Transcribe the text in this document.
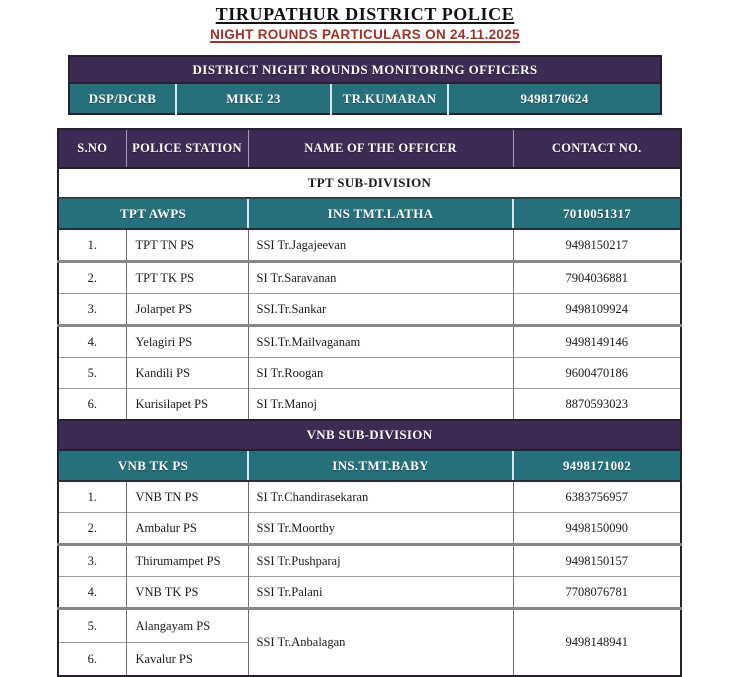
TIRUPATHUR DISTRICT POLICE
NIGHT ROUNDS PARTICULARS ON 24.11.2025
DISTRICT NIGHT ROUNDS MONITORING OFFICERS
DSP/DCRB	MIKE 23	TR.KUMARAN	9498170624
S.NO	POLICE STATION	NAME OF THE OFFICER	CONTACT NO.
TPT SUB-DIVISION			
TPT AWPS		INS TMT.LATHA	7010051317
1.	TPT TN PS	SSI Tr.Jagajeevan	9498150217
2.	TPT TK PS	SI Tr.Saravanan	7904036881
3.	Jolarpet PS	SSI.Tr.Sankar	9498109924
4.	Yelagiri PS	SSI.Tr.Mailvaganam	9498149146
5.	Kandili PS	SI Tr.Roogan	9600470186
6.	Kurisilapet PS	SI Tr.Manoj	8870593023
VNB SUB-DIVISION			
VNB TK PS		INS.TMT.BABY	9498171002
1.	VNB TN PS	SI Tr.Chandirasekaran	6383756957
2.	Ambalur PS	SSI Tr.Moorthy	9498150090
3.	Thirumampet PS	SSI Tr.Pushparaj	9498150157
4.	VNB TK PS	SSI Tr.Palani	7708076781
5.	Alangayam PS	SSI Tr.Anbalagan	9498148941
6.	Kavalur PS		
